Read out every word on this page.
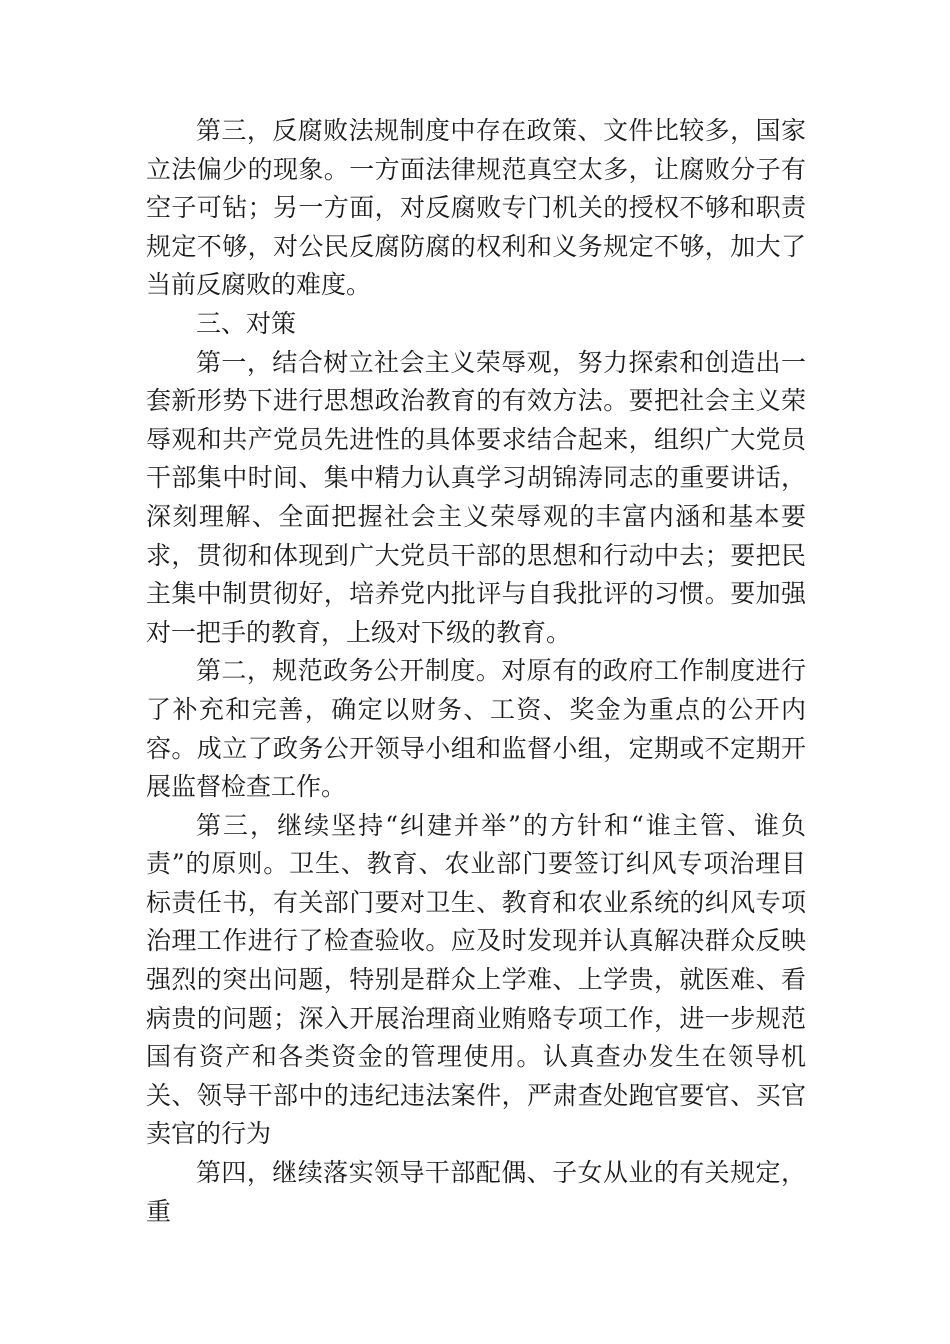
第三，反腐败法规制度中存在政策、文件比较多，国家立法偏少的现象。一方面法律规范真空太多，让腐败分子有空子可钻；另一方面，对反腐败专门机关的授权不够和职责规定不够，对公民反腐防腐的权利和义务规定不够，加大了当前反腐败的难度。

三、对策

第一，结合树立社会主义荣辱观，努力探索和创造出一套新形势下进行思想政治教育的有效方法。要把社会主义荣辱观和共产党员先进性的具体要求结合起来，组织广大党员干部集中时间、集中精力认真学习胡锦涛同志的重要讲话，深刻理解、全面把握社会主义荣辱观的丰富内涵和基本要求，贯彻和体现到广大党员干部的思想和行动中去；要把民主集中制贯彻好，培养党内批评与自我批评的习惯。要加强对一把手的教育，上级对下级的教育。

第二，规范政务公开制度。对原有的政府工作制度进行了补充和完善，确定以财务、工资、奖金为重点的公开内容。成立了政务公开领导小组和监督小组，定期或不定期开展监督检查工作。

第三，继续坚持“纠建并举”的方针和“谁主管、谁负责”的原则。卫生、教育、农业部门要签订纠风专项治理目标责任书，有关部门要对卫生、教育和农业系统的纠风专项治理工作进行了检查验收。应及时发现并认真解决群众反映强烈的突出问题，特别是群众上学难、上学贵，就医难、看病贵的问题；深入开展治理商业贿赂专项工作，进一步规范国有资产和各类资金的管理使用。认真查办发生在领导机关、领导干部中的违纪违法案件，严肃查处跑官要官、买官卖官的行为

第四，继续落实领导干部配偶、子女从业的有关规定，重
